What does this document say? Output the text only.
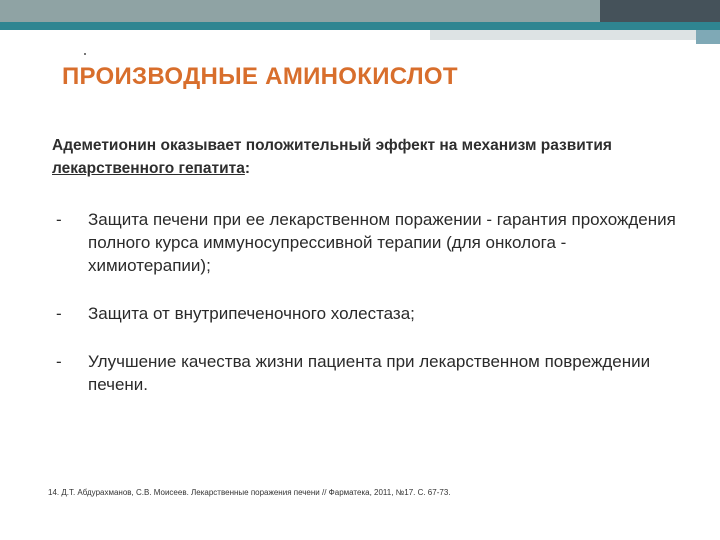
ПРОИЗВОДНЫЕ АМИНОКИСЛОТ
Адеметионин оказывает положительный эффект на механизм развития лекарственного гепатита:
- Защита печени при ее лекарственном поражении - гарантия прохождения полного курса иммуносупрессивной терапии (для онколога - химиотерапии);
- Защита от внутрипеченочного холестаза;
- Улучшение качества жизни пациента при лекарственном повреждении печени.
14. Д.Т. Абдурахманов, С.В. Моисеев. Лекарственные поражения печени // Фарматека, 2011, №17. С. 67-73.
